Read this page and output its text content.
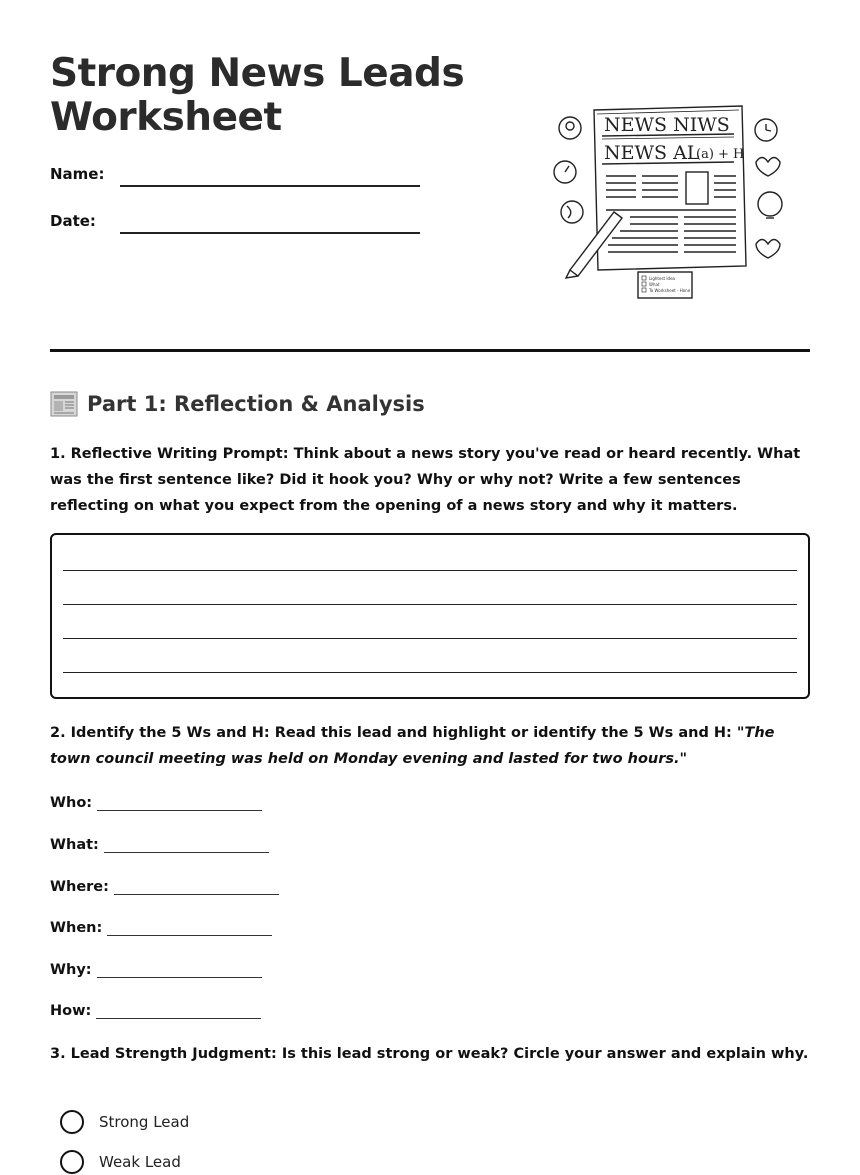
Strong News Leads
Worksheet
Name:
Date:
NEWS NIWS
NEWS AL
(a) + H
Lightest Idea
What
To Worksheet - Hone
Part 1: Reflection & Analysis
1. Reflective Writing Prompt: Think about a news story you've read or heard recently. What was the first sentence like? Did it hook you? Why or why not? Write a few sentences reflecting on what you expect from the opening of a news story and why it matters.
2. Identify the 5 Ws and H: Read this lead and highlight or identify the 5 Ws and H: "The town council meeting was held on Monday evening and lasted for two hours."
Who:
What:
Where:
When:
Why:
How:
3. Lead Strength Judgment: Is this lead strong or weak? Circle your answer and explain why.
Strong Lead
Weak Lead
